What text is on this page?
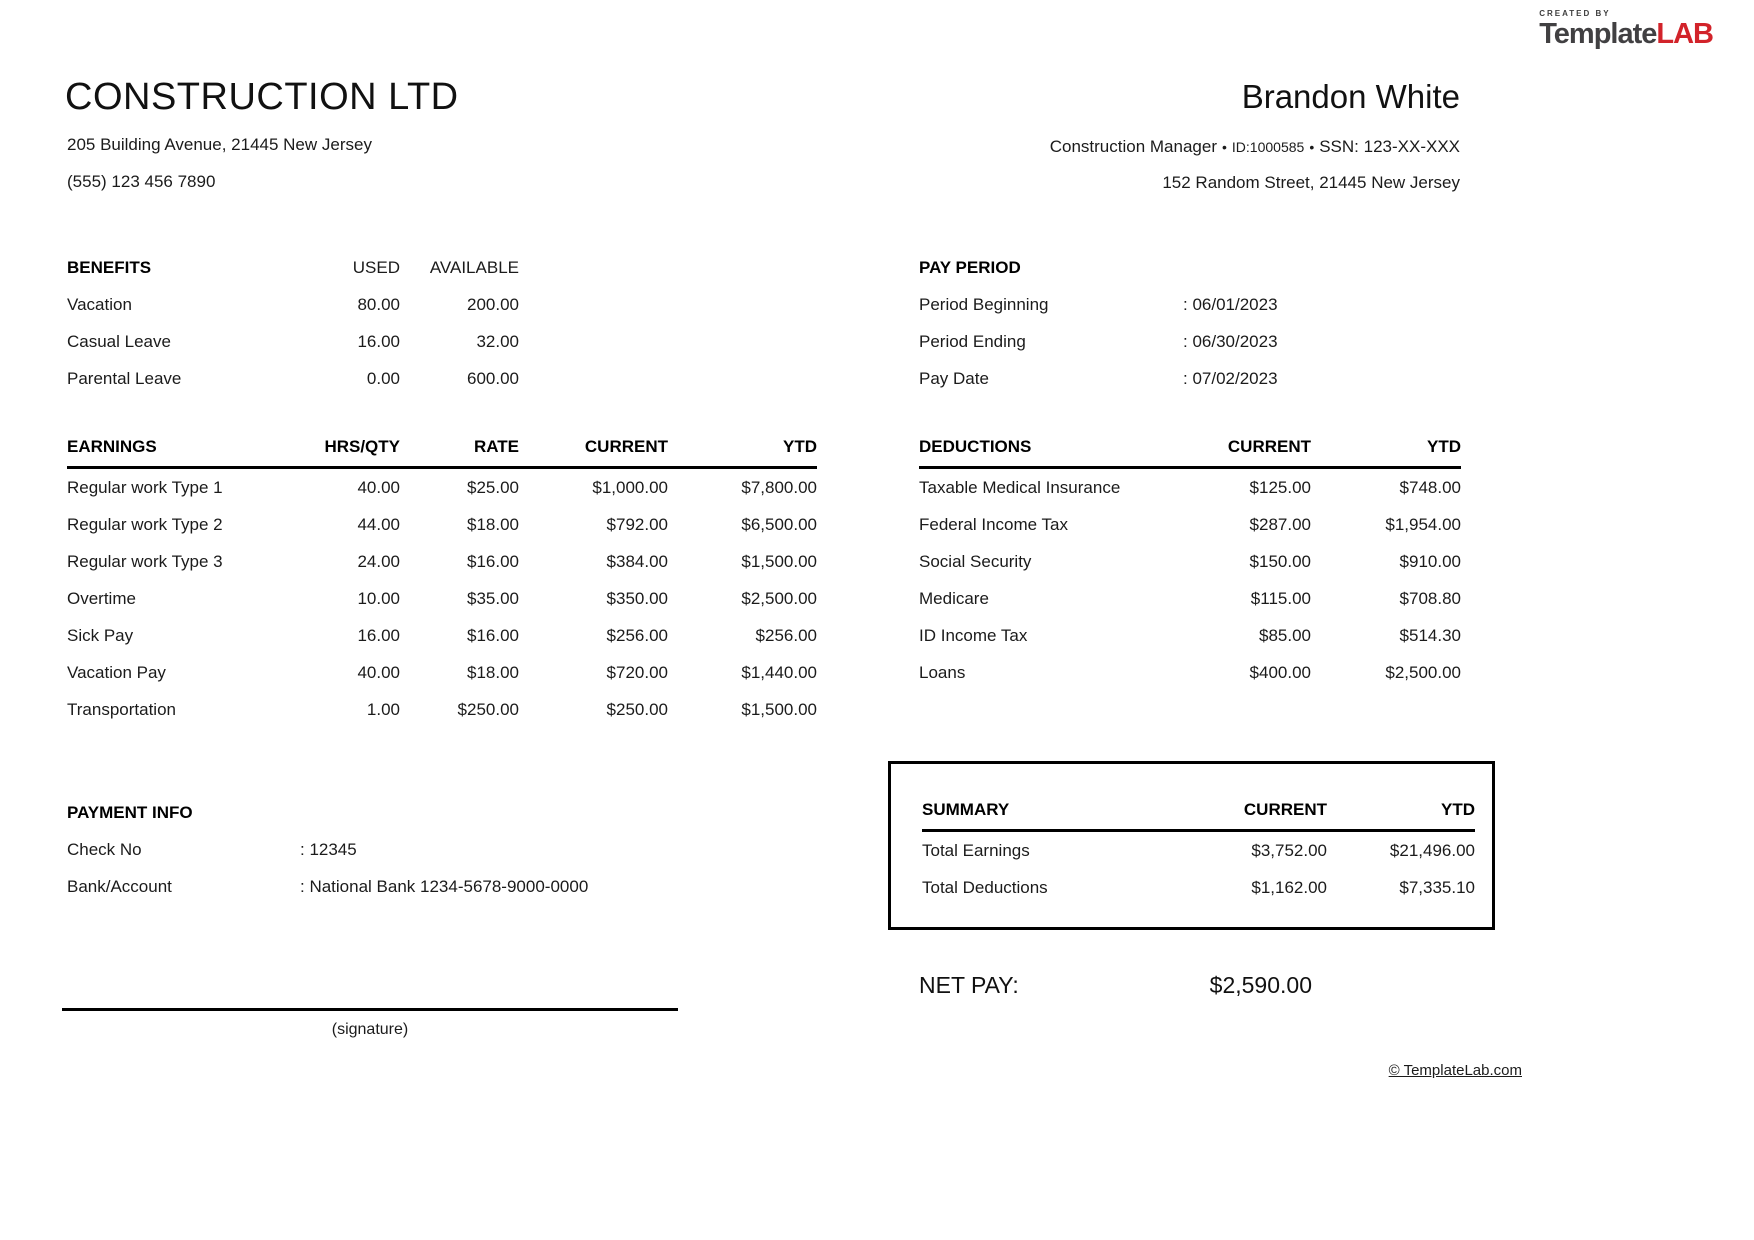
CREATED BY
TemplateLAB
CONSTRUCTION LTD
205 Building Avenue, 21445 New Jersey
(555) 123 456 7890
Brandon White
Construction Manager • ID:1000585 • SSN: 123-XX-XXX
152 Random Street, 21445 New Jersey
BENEFITS	USED	AVAILABLE
Vacation	80.00	200.00
Casual Leave	16.00	32.00
Parental Leave	0.00	600.00
PAY PERIOD
Period Beginning	: 06/01/2023
Period Ending	: 06/30/2023
Pay Date	: 07/02/2023
EARNINGS	HRS/QTY	RATE	CURRENT	YTD
Regular work Type 1	40.00	$25.00	$1,000.00	$7,800.00
Regular work Type 2	44.00	$18.00	$792.00	$6,500.00
Regular work Type 3	24.00	$16.00	$384.00	$1,500.00
Overtime	10.00	$35.00	$350.00	$2,500.00
Sick Pay	16.00	$16.00	$256.00	$256.00
Vacation Pay	40.00	$18.00	$720.00	$1,440.00
Transportation	1.00	$250.00	$250.00	$1,500.00
DEDUCTIONS	CURRENT	YTD
Taxable Medical Insurance	$125.00	$748.00
Federal Income Tax	$287.00	$1,954.00
Social Security	$150.00	$910.00
Medicare	$115.00	$708.80
ID Income Tax	$85.00	$514.30
Loans	$400.00	$2,500.00
PAYMENT INFO
Check No	: 12345
Bank/Account	: National Bank 1234-5678-9000-0000
SUMMARY	CURRENT	YTD
Total Earnings	$3,752.00	$21,496.00
Total Deductions	$1,162.00	$7,335.10
NET PAY:	$2,590.00
(signature)
© TemplateLab.com
